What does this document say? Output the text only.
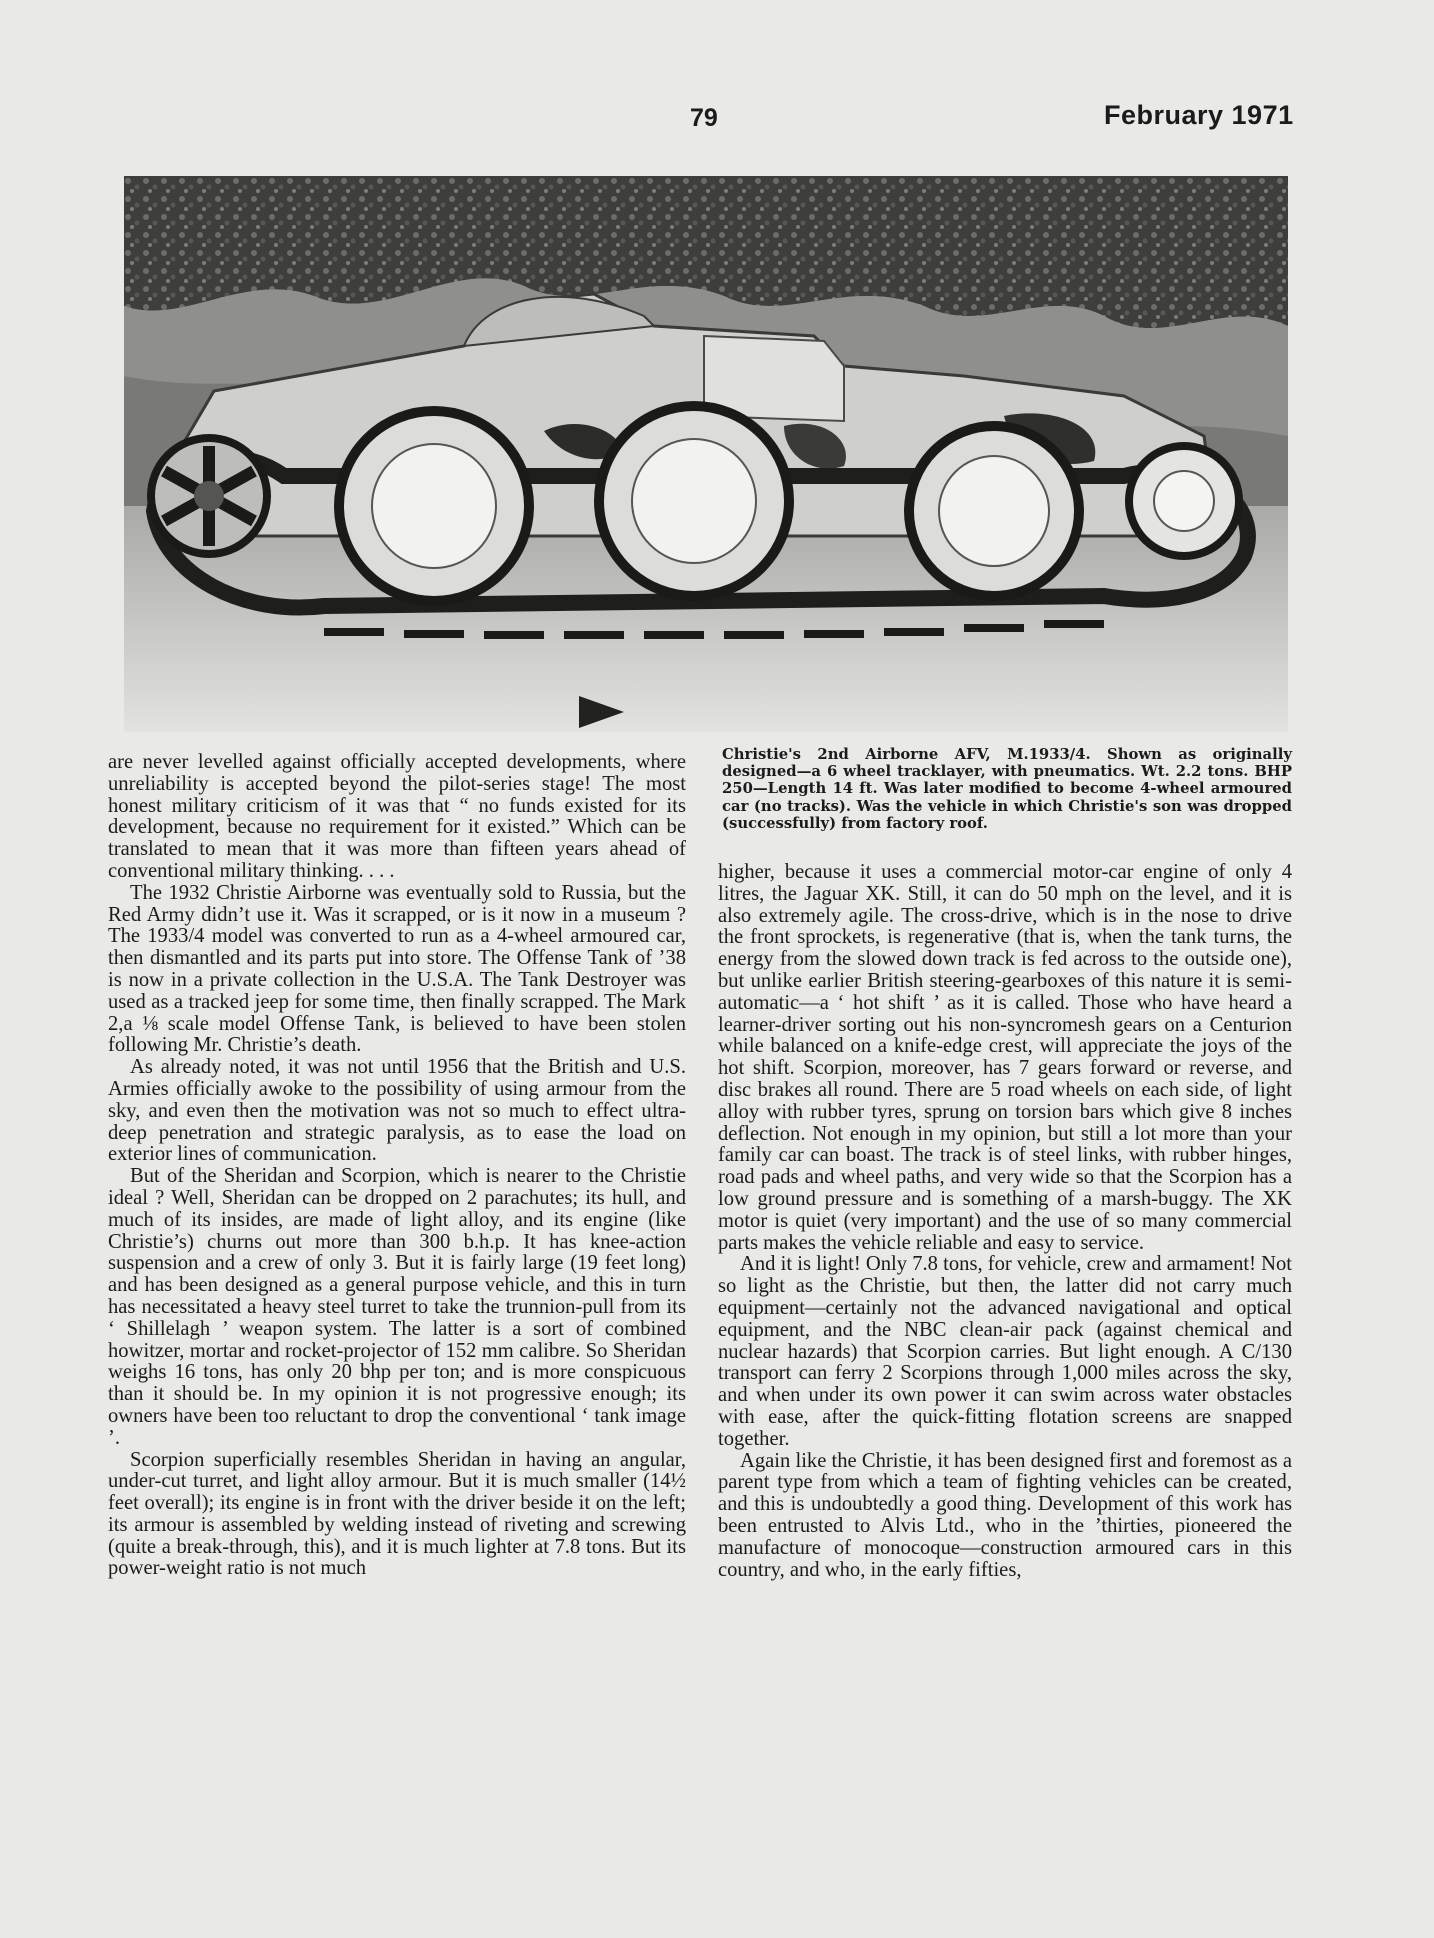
79	February 1971

are never levelled against officially accepted developments, where unreliability is accepted beyond the pilot-series stage! The most honest military criticism of it was that “ no funds existed for its development, because no requirement for it existed.” Which can be translated to mean that it was more than fifteen years ahead of conventional military thinking. . . .

The 1932 Christie Airborne was eventually sold to Russia, but the Red Army didn’t use it. Was it scrapped, or is it now in a museum ? The 1933/4 model was converted to run as a 4-wheel armoured car, then dismantled and its parts put into store. The Offense Tank of ’38 is now in a private collection in the U.S.A. The Tank Destroyer was used as a tracked jeep for some time, then finally scrapped. The Mark 2,a ⅛ scale model Offense Tank, is believed to have been stolen following Mr. Christie’s death.

As already noted, it was not until 1956 that the British and U.S. Armies officially awoke to the possibility of using armour from the sky, and even then the motivation was not so much to effect ultra-deep penetration and strategic paralysis, as to ease the load on exterior lines of communication.

But of the Sheridan and Scorpion, which is nearer to the Christie ideal ? Well, Sheridan can be dropped on 2 parachutes; its hull, and much of its insides, are made of light alloy, and its engine (like Christie’s) churns out more than 300 b.h.p. It has knee-action suspension and a crew of only 3. But it is fairly large (19 feet long) and has been designed as a general purpose vehicle, and this in turn has necessitated a heavy steel turret to take the trunnion-pull from its ‘ Shillelagh ’ weapon system. The latter is a sort of combined howitzer, mortar and rocket-projector of 152 mm calibre. So Sheridan weighs 16 tons, has only 20 bhp per ton; and is more conspicuous than it should be. In my opinion it is not progressive enough; its owners have been too reluctant to drop the conventional ‘ tank image ’.

Scorpion superficially resembles Sheridan in having an angular, under-cut turret, and light alloy armour. But it is much smaller (14½ feet overall); its engine is in front with the driver beside it on the left; its armour is assembled by welding instead of riveting and screwing (quite a break-through, this), and it is much lighter at 7.8 tons. But its power-weight ratio is not much

Christie's 2nd Airborne AFV, M.1933/4. Shown as originally designed—a 6 wheel tracklayer, with pneumatics. Wt. 2.2 tons. BHP 250—Length 14 ft. Was later modified to become 4-wheel armoured car (no tracks). Was the vehicle in which Christie's son was dropped (successfully) from factory roof.

higher, because it uses a commercial motor-car engine of only 4 litres, the Jaguar XK. Still, it can do 50 mph on the level, and it is also extremely agile. The cross-drive, which is in the nose to drive the front sprockets, is regenerative (that is, when the tank turns, the energy from the slowed down track is fed across to the outside one), but unlike earlier British steering-gearboxes of this nature it is semi-automatic—a ‘ hot shift ’ as it is called. Those who have heard a learner-driver sorting out his non-syncromesh gears on a Centurion while balanced on a knife-edge crest, will appreciate the joys of the hot shift. Scorpion, moreover, has 7 gears forward or reverse, and disc brakes all round. There are 5 road wheels on each side, of light alloy with rubber tyres, sprung on torsion bars which give 8 inches deflection. Not enough in my opinion, but still a lot more than your family car can boast. The track is of steel links, with rubber hinges, road pads and wheel paths, and very wide so that the Scorpion has a low ground pressure and is something of a marsh-buggy. The XK motor is quiet (very important) and the use of so many commercial parts makes the vehicle reliable and easy to service.

And it is light! Only 7.8 tons, for vehicle, crew and armament! Not so light as the Christie, but then, the latter did not carry much equipment—certainly not the advanced navigational and optical equipment, and the NBC clean-air pack (against chemical and nuclear hazards) that Scorpion carries. But light enough. A C/130 transport can ferry 2 Scorpions through 1,000 miles across the sky, and when under its own power it can swim across water obstacles with ease, after the quick-fitting flotation screens are snapped together.

Again like the Christie, it has been designed first and foremost as a parent type from which a team of fighting vehicles can be created, and this is undoubtedly a good thing. Development of this work has been entrusted to Alvis Ltd., who in the ’thirties, pioneered the manufacture of monocoque—construction armoured cars in this country, and who, in the early fifties,
